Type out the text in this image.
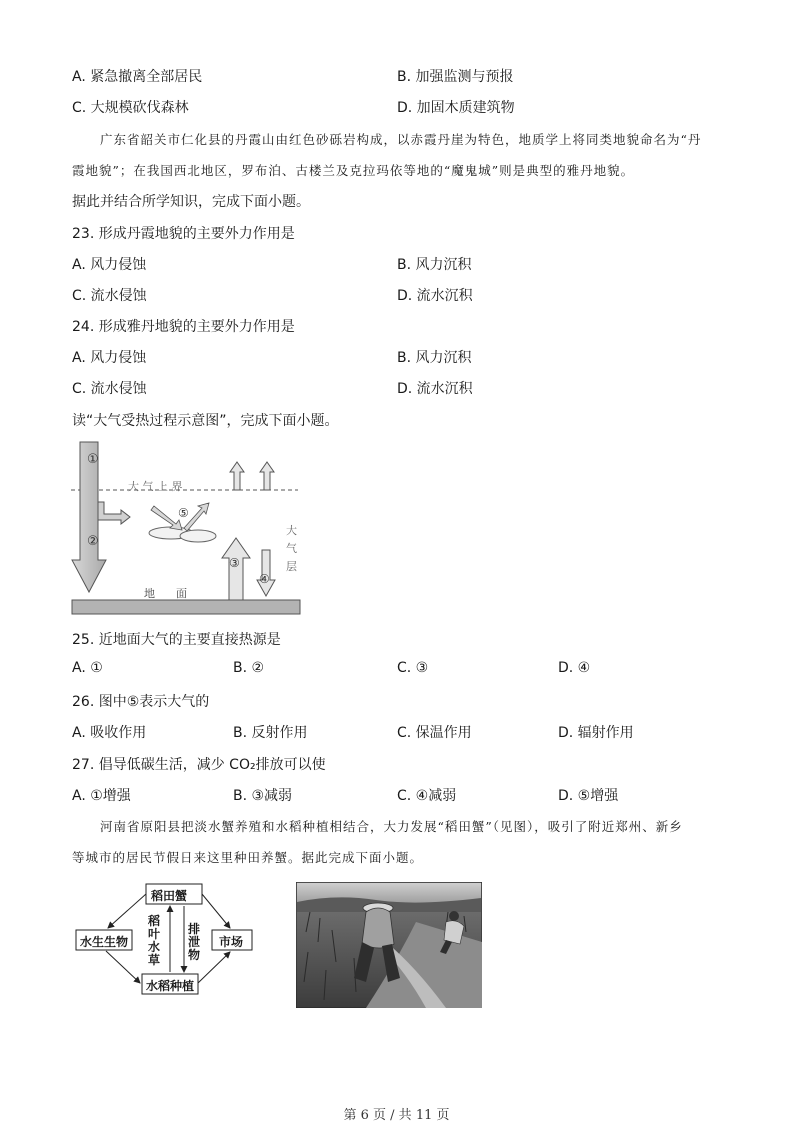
A. 紧急撤离全部居民	B. 加强监测与预报
C. 大规模砍伐森林	D. 加固木质建筑物
广东省韶关市仁化县的丹霞山由红色砂砾岩构成，以赤霞丹崖为特色，地质学上将同类地貌命名为“丹
霞地貌”；在我国西北地区，罗布泊、古楼兰及克拉玛依等地的“魔鬼城”则是典型的雅丹地貌。
据此并结合所学知识，完成下面小题。
23. 形成丹霞地貌的主要外力作用是
A. 风力侵蚀	B. 风力沉积
C. 流水侵蚀	D. 流水沉积
24. 形成雅丹地貌的主要外力作用是
A. 风力侵蚀	B. 风力沉积
C. 流水侵蚀	D. 流水沉积
读“大气受热过程示意图”，完成下面小题。
①
②
③
④
⑤
大 气 上 界
大
气
层
地      面
25. 近地面大气的主要直接热源是
A. ①	B. ②	C. ③	D. ④
26. 图中⑤表示大气的
A. 吸收作用	B. 反射作用	C. 保温作用	D. 辐射作用
27. 倡导低碳生活，减少 CO₂排放可以使
A. ①增强	B. ③减弱	C. ④减弱	D. ⑤增强
河南省原阳县把淡水蟹养殖和水稻种植相结合，大力发展“稻田蟹”（见图），吸引了附近郑州、新乡
等城市的居民节假日来这里种田养蟹。据此完成下面小题。
稻田蟹
水生生物	市场
水稻种植
稻
叶
水
草
排
泄
物
第 6 页 / 共 11 页
